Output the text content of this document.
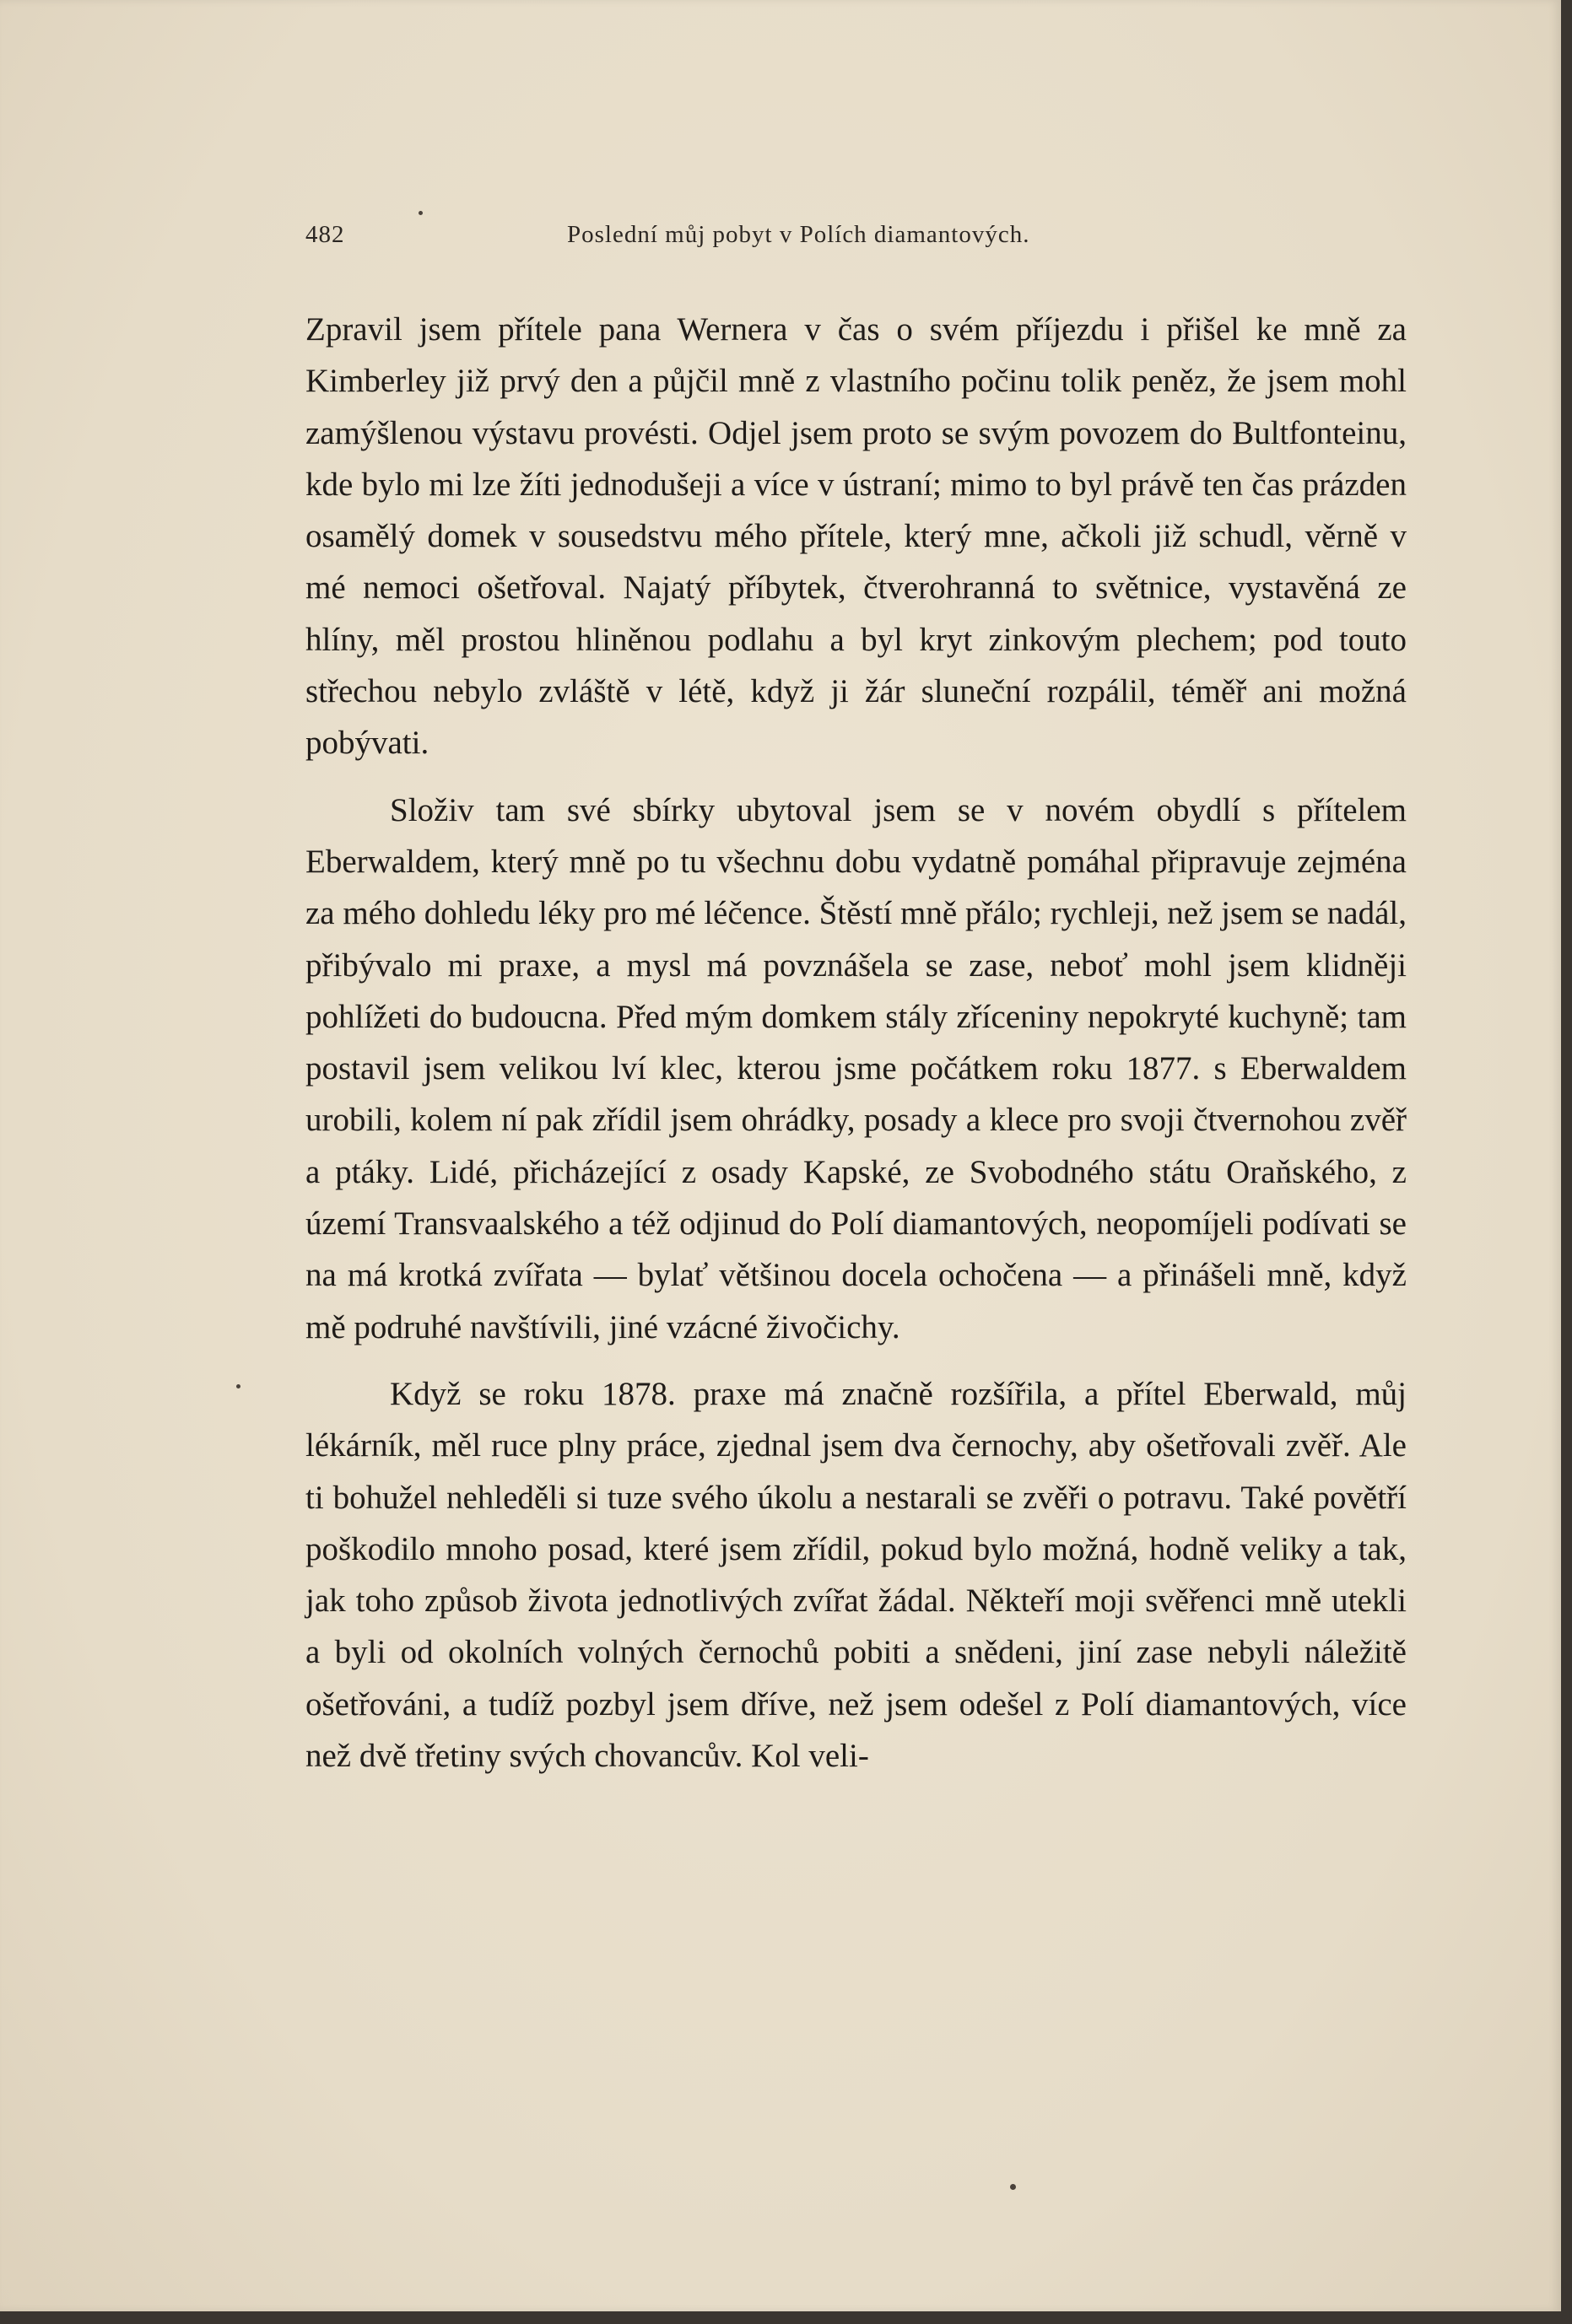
482	Poslední můj pobyt v Polích diamantových.

Zpravil jsem přítele pana Wernera v čas o svém příjezdu i přišel ke mně za Kimberley již prvý den a půjčil mně z vlastního počinu tolik peněz, že jsem mohl zamýšlenou výstavu provésti. Odjel jsem proto se svým povozem do Bultfonteinu, kde bylo mi lze žíti jednodušeji a více v ústraní; mimo to byl právě ten čas prázden osamělý domek v sousedstvu mého přítele, který mne, ačkoli již schudl, věrně v mé nemoci ošetřoval. Najatý příbytek, čtverohranná to světnice, vystavěná ze hlíny, měl prostou hliněnou podlahu a byl kryt zinkovým plechem; pod touto střechou nebylo zvláště v létě, když ji žár sluneční rozpálil, téměř ani možná pobývati.

Složiv tam své sbírky ubytoval jsem se v novém obydlí s přítelem Eberwaldem, který mně po tu všechnu dobu vydatně pomáhal připravuje zejména za mého dohledu léky pro mé léčence. Štěstí mně přálo; rychleji, než jsem se nadál, přibývalo mi praxe, a mysl má povznášela se zase, neboť mohl jsem klidněji pohlížeti do budoucna. Před mým domkem stály zříceniny nepokryté kuchyně; tam postavil jsem velikou lví klec, kterou jsme počátkem roku 1877. s Eberwaldem urobili, kolem ní pak zřídil jsem ohrádky, posady a klece pro svoji čtvernohou zvěř a ptáky. Lidé, přicházející z osady Kapské, ze Svobodného státu Oraňského, z území Transvaalského a též odjinud do Polí diamantových, neopomíjeli podívati se na má krotká zvířata — bylať většinou docela ochočena — a přinášeli mně, když mě podruhé navštívili, jiné vzácné živočichy.

Když se roku 1878. praxe má značně rozšířila, a přítel Eberwald, můj lékárník, měl ruce plny práce, zjednal jsem dva černochy, aby ošetřovali zvěř. Ale ti bohužel nehleděli si tuze svého úkolu a nestarali se zvěři o potravu. Také povětří poškodilo mnoho posad, které jsem zřídil, pokud bylo možná, hodně veliky a tak, jak toho způsob života jednotlivých zvířat žádal. Někteří moji svěřenci mně utekli a byli od okolních volných černochů pobiti a snědeni, jiní zase nebyli náležitě ošetřováni, a tudíž pozbyl jsem dříve, než jsem odešel z Polí diamantových, více než dvě třetiny svých chovancův. Kol veli-
